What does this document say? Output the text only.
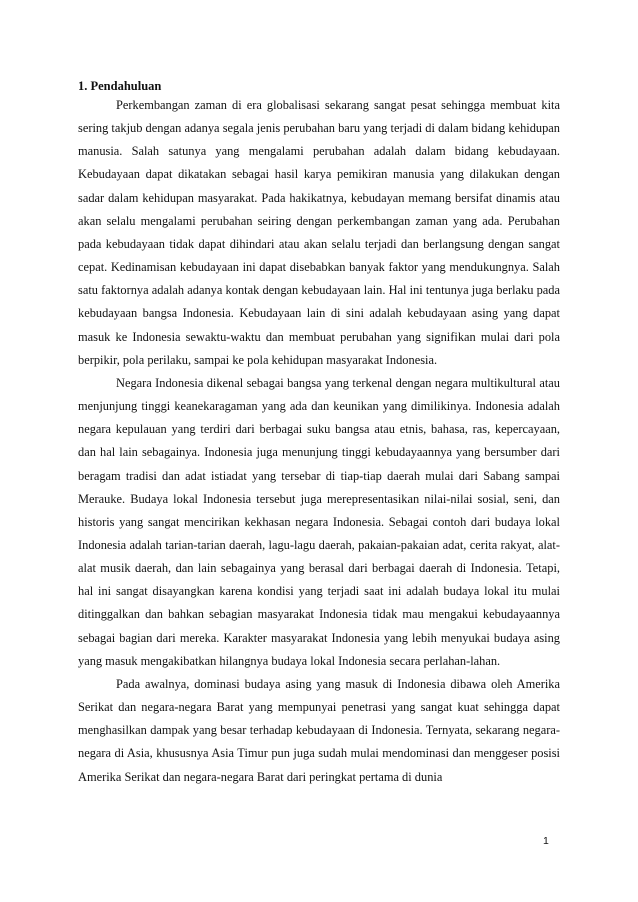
1. Pendahuluan

Perkembangan zaman di era globalisasi sekarang sangat pesat sehingga membuat kita sering takjub dengan adanya segala jenis perubahan baru yang terjadi di dalam bidang kehidupan manusia. Salah satunya yang mengalami perubahan adalah dalam bidang kebudayaan. Kebudayaan dapat dikatakan sebagai hasil karya pemikiran manusia yang dilakukan dengan sadar dalam kehidupan masyarakat. Pada hakikatnya, kebudayan memang bersifat dinamis atau akan selalu mengalami perubahan seiring dengan perkembangan zaman yang ada. Perubahan pada kebudayaan tidak dapat dihindari atau akan selalu terjadi dan berlangsung dengan sangat cepat. Kedinamisan kebudayaan ini dapat disebabkan banyak faktor yang mendukungnya. Salah satu faktornya adalah adanya kontak dengan kebudayaan lain. Hal ini tentunya juga berlaku pada kebudayaan bangsa Indonesia. Kebudayaan lain di sini adalah kebudayaan asing yang dapat masuk ke Indonesia sewaktu-waktu dan membuat perubahan yang signifikan mulai dari pola berpikir, pola perilaku, sampai ke pola kehidupan masyarakat Indonesia.

Negara Indonesia dikenal sebagai bangsa yang terkenal dengan negara multikultural atau menjunjung tinggi keanekaragaman yang ada dan keunikan yang dimilikinya. Indonesia adalah negara kepulauan yang terdiri dari berbagai suku bangsa atau etnis, bahasa, ras, kepercayaan, dan hal lain sebagainya. Indonesia juga menunjung tinggi kebudayaannya yang bersumber dari beragam tradisi dan adat istiadat yang tersebar di tiap-tiap daerah mulai dari Sabang sampai Merauke. Budaya lokal Indonesia tersebut juga merepresentasikan nilai-nilai sosial, seni, dan historis yang sangat mencirikan kekhasan negara Indonesia. Sebagai contoh dari budaya lokal Indonesia adalah tarian-tarian daerah, lagu-lagu daerah, pakaian-pakaian adat, cerita rakyat, alat-alat musik daerah, dan lain sebagainya yang berasal dari berbagai daerah di Indonesia. Tetapi, hal ini sangat disayangkan karena kondisi yang terjadi saat ini adalah budaya lokal itu mulai ditinggalkan dan bahkan sebagian masyarakat Indonesia tidak mau mengakui kebudayaannya sebagai bagian dari mereka. Karakter masyarakat Indonesia yang lebih menyukai budaya asing yang masuk mengakibatkan hilangnya budaya lokal Indonesia secara perlahan-lahan.

Pada awalnya, dominasi budaya asing yang masuk di Indonesia dibawa oleh Amerika Serikat dan negara-negara Barat yang mempunyai penetrasi yang sangat kuat sehingga dapat menghasilkan dampak yang besar terhadap kebudayaan di Indonesia. Ternyata, sekarang negara-negara di Asia, khususnya Asia Timur pun juga sudah mulai mendominasi dan menggeser posisi Amerika Serikat dan negara-negara Barat dari peringkat pertama di dunia

1
